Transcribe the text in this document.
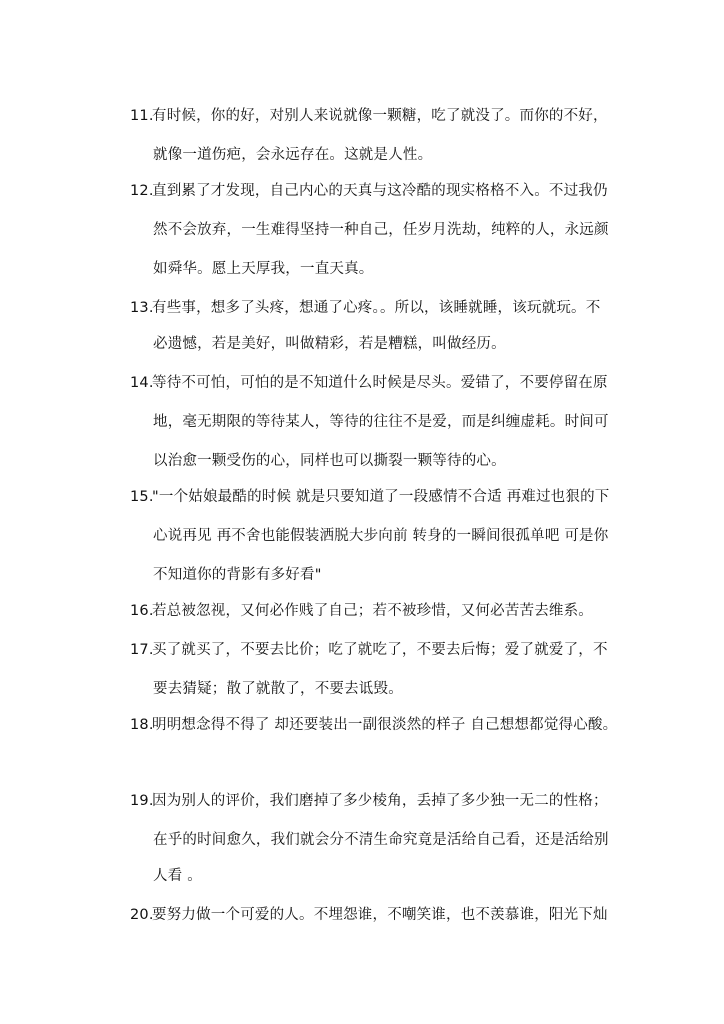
11.有时候，你的好，对别人来说就像一颗糖，吃了就没了。而你的不好，
就像一道伤疤，会永远存在。这就是人性。
12.直到累了才发现，自己内心的天真与这冷酷的现实格格不入。不过我仍
然不会放弃，一生难得坚持一种自己，任岁月洗劫，纯粹的人，永远颜
如舜华。愿上天厚我，一直天真。
13.有些事，想多了头疼，想通了心疼。。所以，该睡就睡，该玩就玩。不
必遗憾，若是美好，叫做精彩，若是糟糕，叫做经历。
14.等待不可怕，可怕的是不知道什么时候是尽头。爱错了，不要停留在原
地，毫无期限的等待某人，等待的往往不是爱，而是纠缠虚耗。时间可
以治愈一颗受伤的心，同样也可以撕裂一颗等待的心。
15."一个姑娘最酷的时候 就是只要知道了一段感情不合适 再难过也狠的下
心说再见 再不舍也能假装洒脱大步向前 转身的一瞬间很孤单吧 可是你
不知道你的背影有多好看"
16.若总被忽视，又何必作贱了自己；若不被珍惜，又何必苦苦去维系。
17.买了就买了，不要去比价；吃了就吃了，不要去后悔；爱了就爱了，不
要去猜疑；散了就散了，不要去诋毁。
18.明明想念得不得了 却还要装出一副很淡然的样子 自己想想都觉得心酸。
19.因为别人的评价，我们磨掉了多少棱角，丢掉了多少独一无二的性格；
在乎的时间愈久，我们就会分不清生命究竟是活给自己看，还是活给别
人看 。
20.要努力做一个可爱的人。不埋怨谁，不嘲笑谁，也不羡慕谁，阳光下灿
